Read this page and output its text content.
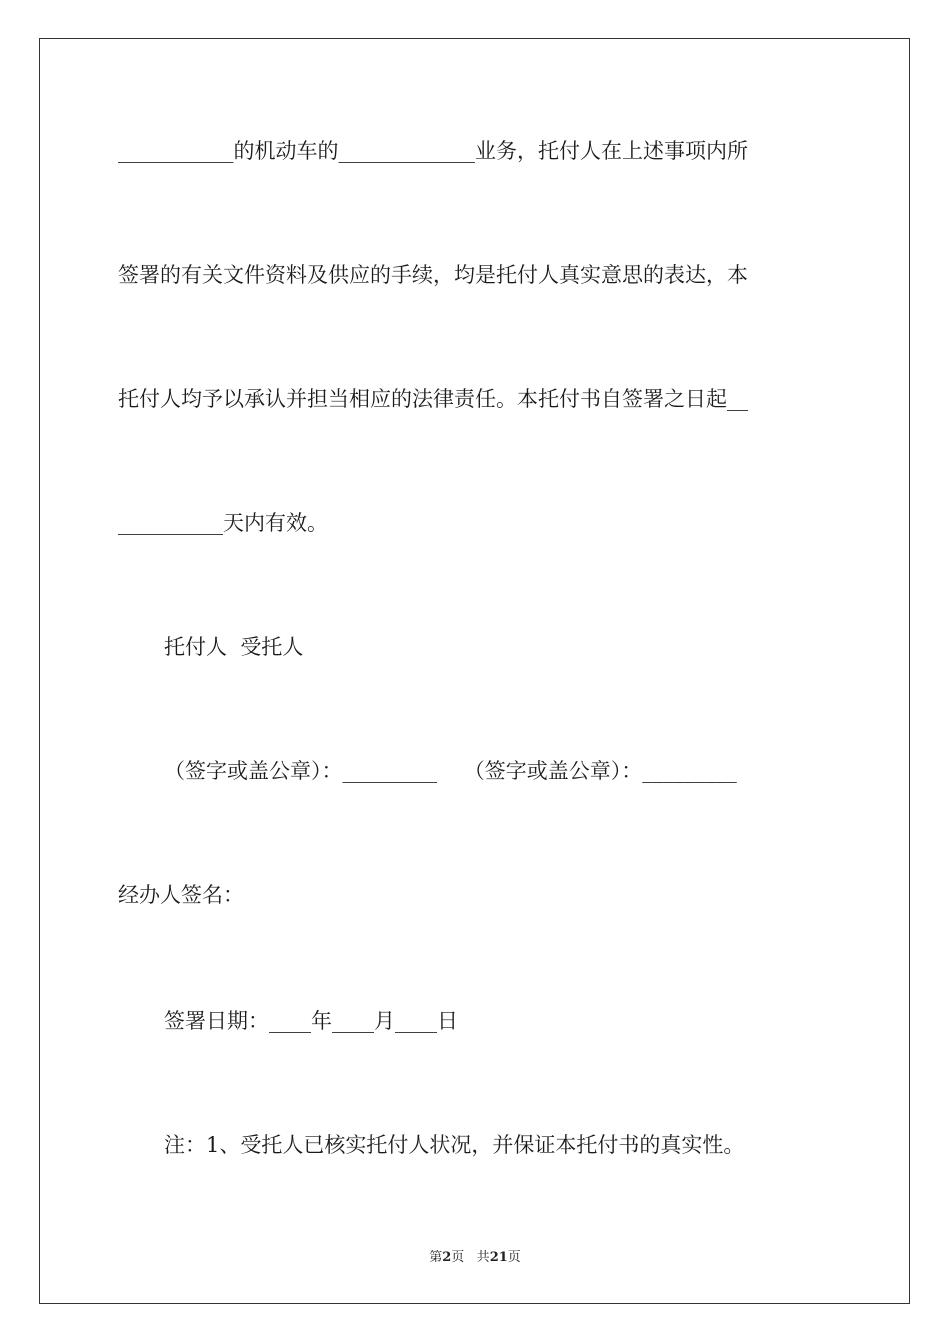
___________的机动车的_____________业务，托付人在上述事项内所

签署的有关文件资料及供应的手续，均是托付人真实意思的表达，本

托付人均予以承认并担当相应的法律责任。本托付书自签署之日起__

__________天内有效。

托付人  受托人

（签字或盖公章）：_________    （签字或盖公章）：_________

经办人签名：

签署日期：____年____月____日

注：1、受托人已核实托付人状况，并保证本托付书的真实性。

第2页 共21页
